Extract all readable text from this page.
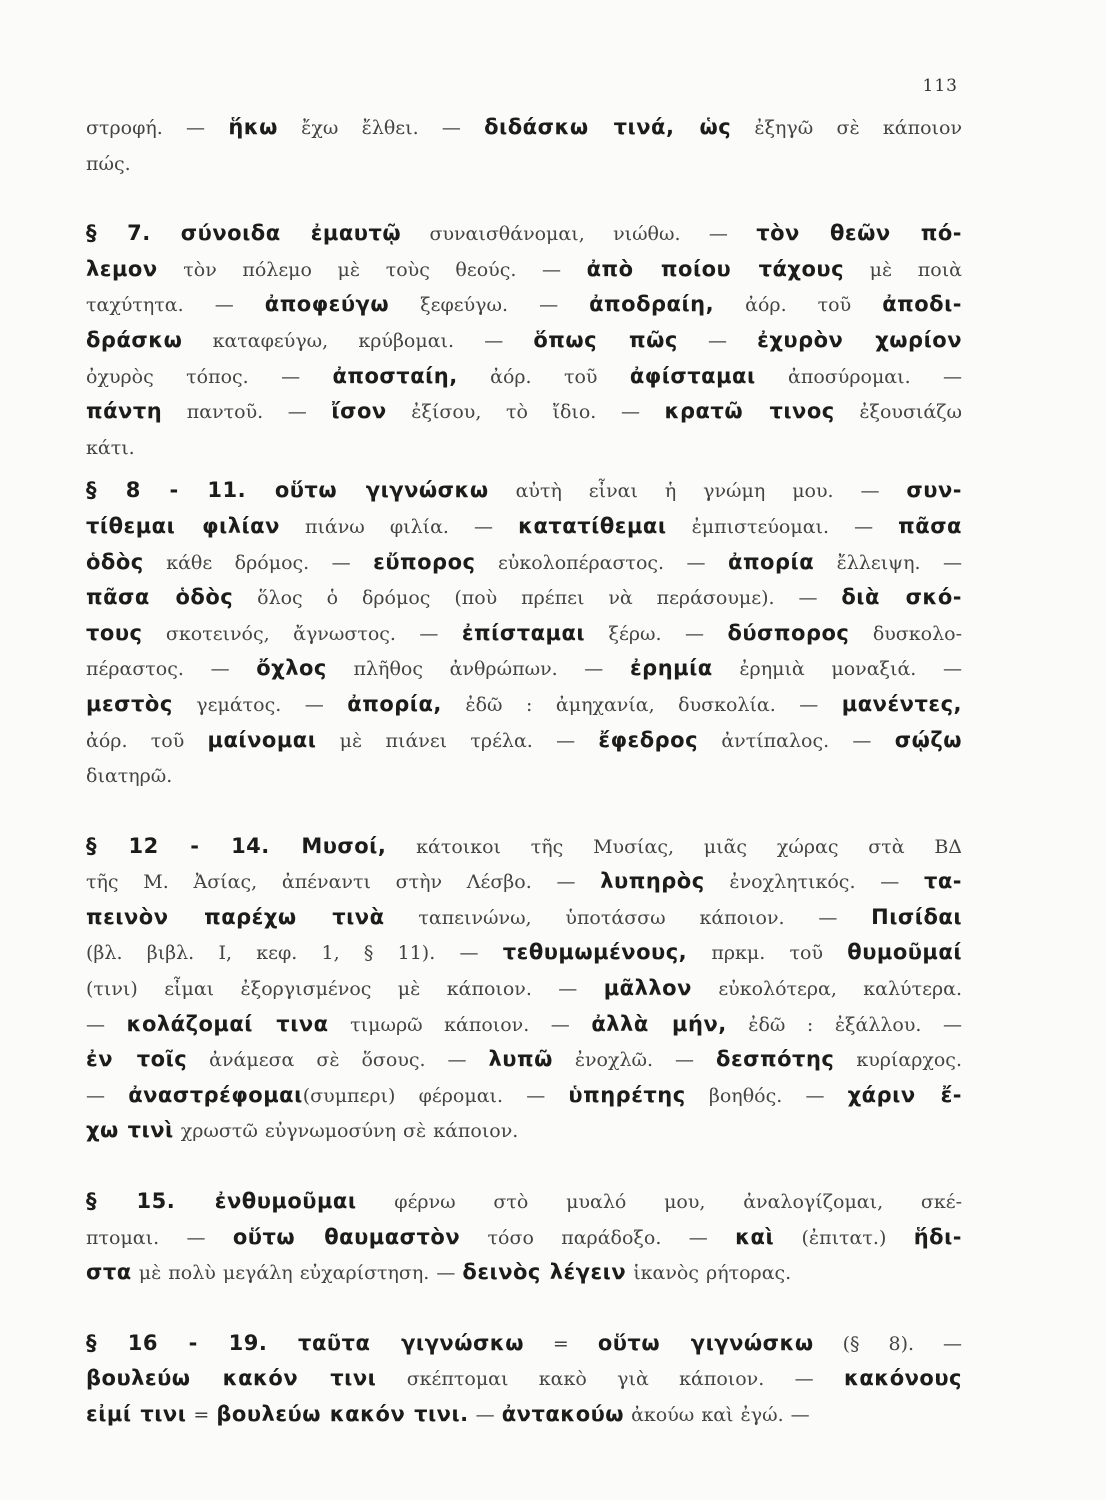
113
στροφή. — ἥκω ἔχω ἔλθει. — διδάσκω τινά, ὡς ἐξηγῶ σὲ κάποιον
πώς.
§ 7. σύνοιδα ἐμαυτῷ συναισθάνομαι, νιώθω. — τὸν θεῶν πό-
λεμον τὸν πόλεμο μὲ τοὺς θεούς. — ἀπὸ ποίου τάχους μὲ ποιὰ
ταχύτητα. — ἀποφεύγω ξεφεύγω. — ἀποδραίη, ἀόρ. τοῦ ἀποδι-
δράσκω καταφεύγω, κρύβομαι. — ὅπως πῶς — ἐχυρὸν χωρίον
ὀχυρὸς τόπος. — ἀποσταίη, ἀόρ. τοῦ ἀφίσταμαι ἀποσύρομαι. —
πάντη παντοῦ. — ἴσον ἐξίσου, τὸ ἴδιο. — κρατῶ τινος ἐξουσιάζω
κάτι.
§ 8 - 11. οὕτω γιγνώσκω αὐτὴ εἶναι ἡ γνώμη μου. — συν-
τίθεμαι φιλίαν πιάνω φιλία. — κατατίθεμαι ἐμπιστεύομαι. — πᾶσα
ὁδὸς κάθε δρόμος. — εὔπορος εὐκολοπέραστος. — ἀπορία ἔλλειψη. —
πᾶσα ὁδὸς ὅλος ὁ δρόμος (ποὺ πρέπει νὰ περάσουμε). — διὰ σκό-
τους σκοτεινός, ἄγνωστος. — ἐπίσταμαι ξέρω. — δύσπορος δυσκολο-
πέραστος. — ὄχλος πλῆθος ἀνθρώπων. — ἐρημία ἐρημιὰ μοναξιά. —
μεστὸς γεμάτος. — ἀπορία, ἐδῶ : ἀμηχανία, δυσκολία. — μανέντες,
ἀόρ. τοῦ μαίνομαι μὲ πιάνει τρέλα. — ἔφεδρος ἀντίπαλος. — σῴζω
διατηρῶ.
§ 12 - 14. Μυσοί, κάτοικοι τῆς Μυσίας, μιᾶς χώρας στὰ ΒΔ
τῆς Μ. Ἀσίας, ἀπέναντι στὴν Λέσβο. — λυπηρὸς ἐνοχλητικός. — τα-
πεινὸν παρέχω τινὰ ταπεινώνω, ὑποτάσσω κάποιον. — Πισίδαι
(βλ. βιβλ. Ι, κεφ. 1, § 11). — τεθυμωμένους, πρκμ. τοῦ θυμοῦμαί
(τινι) εἶμαι ἐξοργισμένος μὲ κάποιον. — μᾶλλον εὐκολότερα, καλύτερα.
— κολάζομαί τινα τιμωρῶ κάποιον. — ἀλλὰ μήν, ἐδῶ : ἐξάλλου. —
ἐν τοῖς ἀνάμεσα σὲ ὅσους. — λυπῶ ἐνοχλῶ. — δεσπότης κυρίαρχος.
— ἀναστρέφομαι(συμπερι) φέρομαι. — ὑπηρέτης βοηθός. — χάριν ἔ-
χω τινὶ χρωστῶ εὐγνωμοσύνη σὲ κάποιον.
§ 15. ἐνθυμοῦμαι φέρνω στὸ μυαλό μου, ἀναλογίζομαι, σκέ-
πτομαι. — οὕτω θαυμαστὸν τόσο παράδοξο. — καὶ (ἐπιτατ.) ἥδι-
στα μὲ πολὺ μεγάλη εὐχαρίστηση. — δεινὸς λέγειν ἱκανὸς ρήτορας.
§ 16 - 19. ταῦτα γιγνώσκω = οὕτω γιγνώσκω (§ 8). —
βουλεύω κακόν τινι σκέπτομαι κακὸ γιὰ κάποιον. — κακόνους
εἰμί τινι = βουλεύω κακόν τινι. — ἀντακούω ἀκούω καὶ ἐγώ. —
